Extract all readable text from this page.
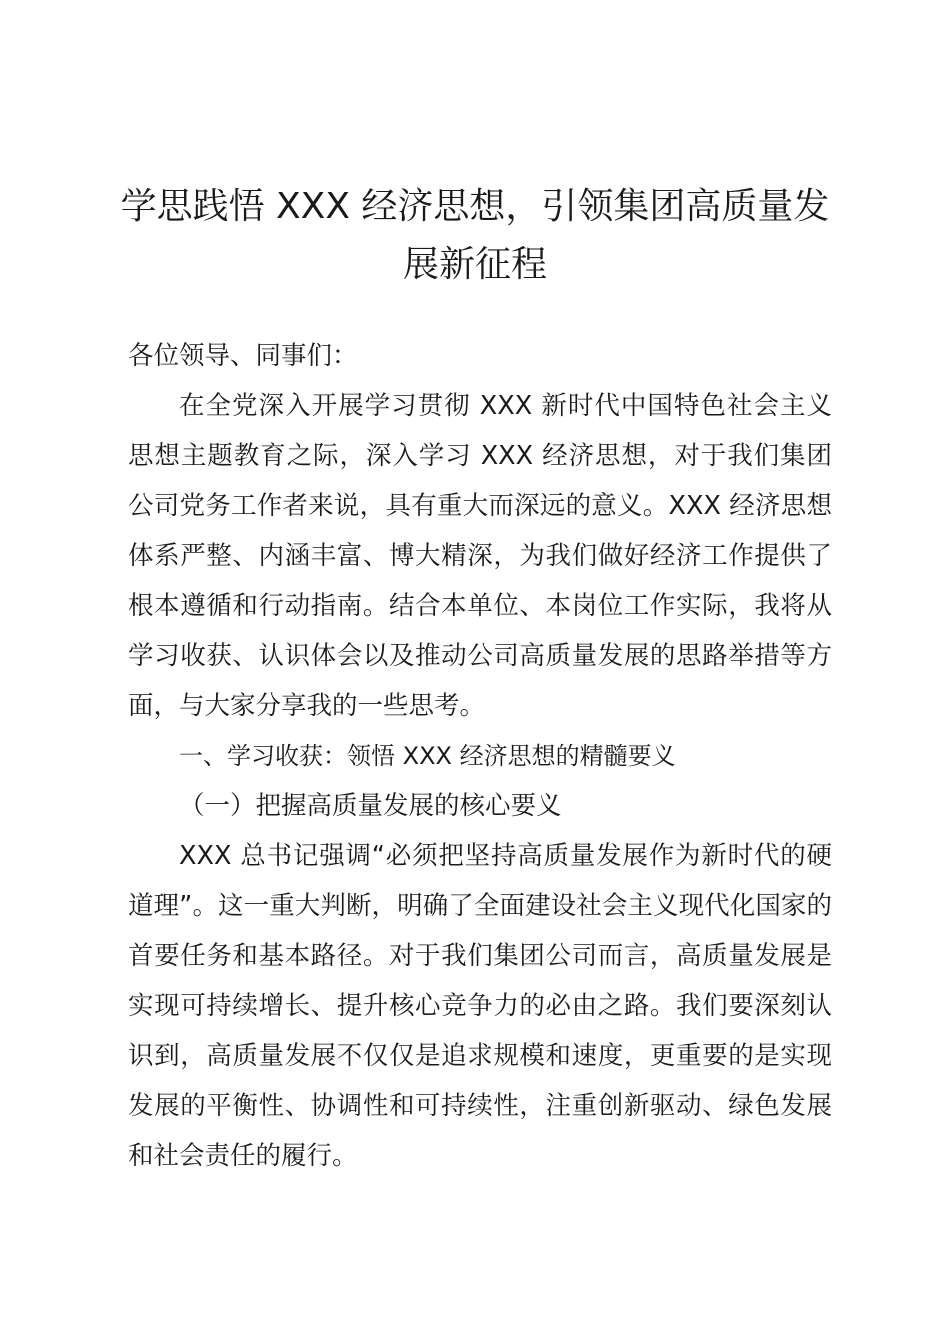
学思践悟 XXX 经济思想，引领集团高质量发展新征程

各位领导、同事们：

在全党深入开展学习贯彻 XXX 新时代中国特色社会主义思想主题教育之际，深入学习 XXX 经济思想，对于我们集团公司党务工作者来说，具有重大而深远的意义。XXX 经济思想体系严整、内涵丰富、博大精深，为我们做好经济工作提供了根本遵循和行动指南。结合本单位、本岗位工作实际，我将从学习收获、认识体会以及推动公司高质量发展的思路举措等方面，与大家分享我的一些思考。

一、学习收获：领悟 XXX 经济思想的精髓要义

（一）把握高质量发展的核心要义

XXX 总书记强调“必须把坚持高质量发展作为新时代的硬道理”。这一重大判断，明确了全面建设社会主义现代化国家的首要任务和基本路径。对于我们集团公司而言，高质量发展是实现可持续增长、提升核心竞争力的必由之路。我们要深刻认识到，高质量发展不仅仅是追求规模和速度，更重要的是实现发展的平衡性、协调性和可持续性，注重创新驱动、绿色发展和社会责任的履行。
